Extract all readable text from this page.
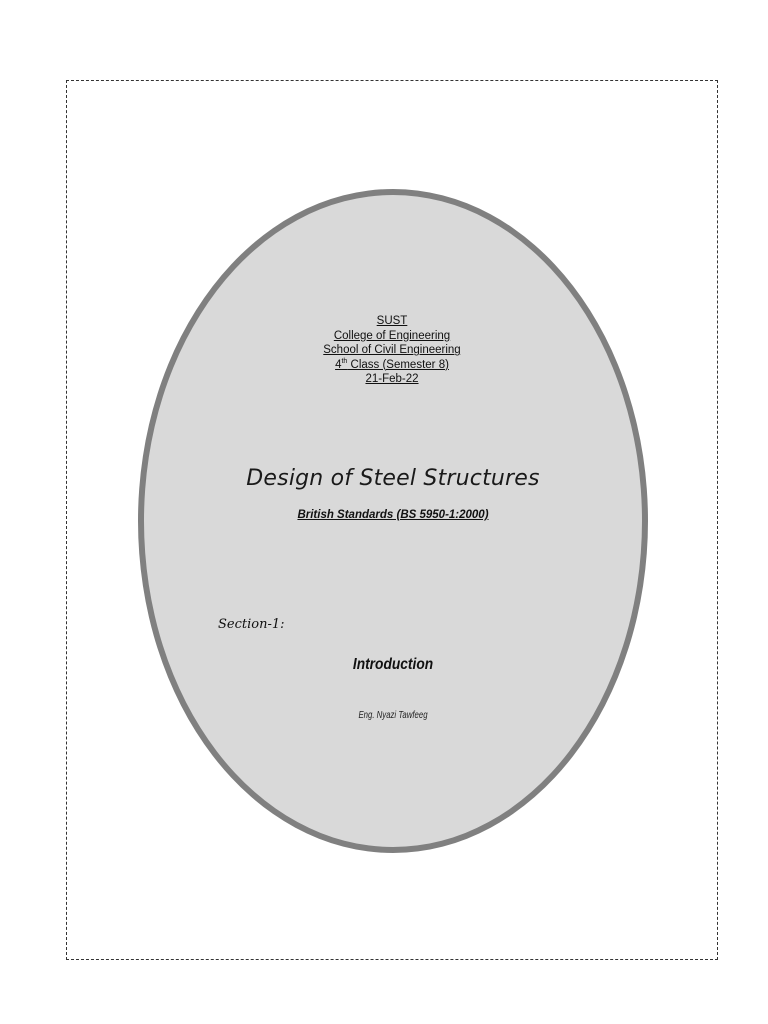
SUST
College of Engineering
School of Civil Engineering
4th Class (Semester 8)
21-Feb-22
Design of Steel Structures
British Standards (BS 5950-1:2000)
Section-1:
Introduction
Eng. Nyazi Tawfeeg
